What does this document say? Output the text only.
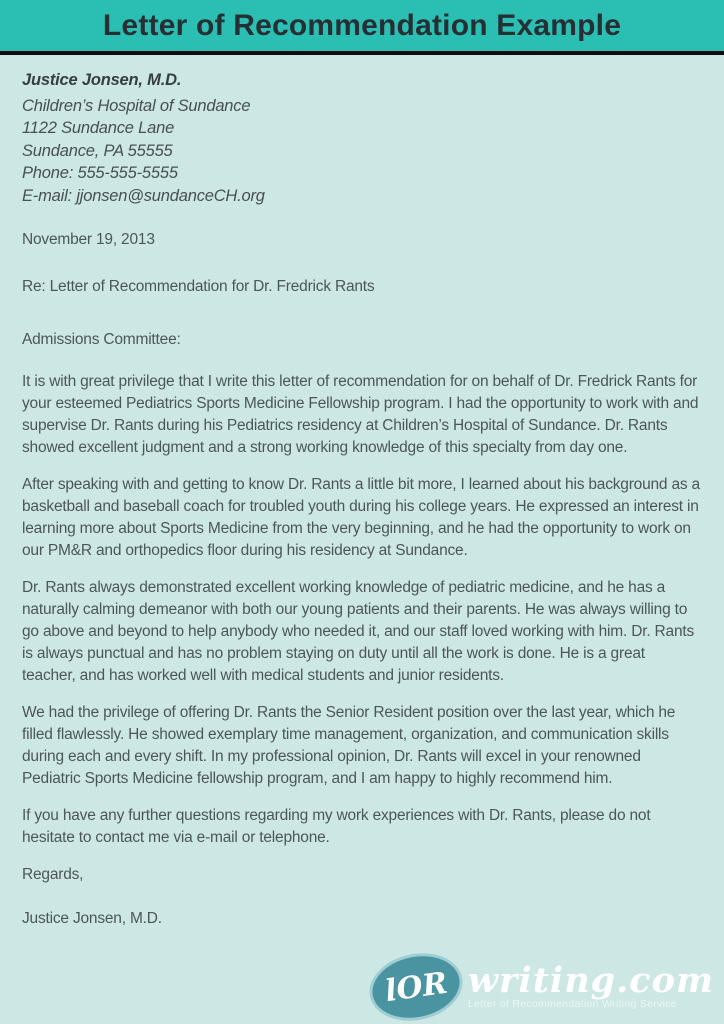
Letter of Recommendation Example
Justice Jonsen, M.D.
Children’s Hospital of Sundance
1122 Sundance Lane
Sundance, PA 55555
Phone: 555-555-5555
E-mail: jjonsen@sundanceCH.org
November 19, 2013
Re: Letter of Recommendation for Dr. Fredrick Rants
Admissions Committee:

It is with great privilege that I write this letter of recommendation for on behalf of Dr. Fredrick Rants for your esteemed Pediatrics Sports Medicine Fellowship program. I had the opportunity to work with and supervise Dr. Rants during his Pediatrics residency at Children’s Hospital of Sundance. Dr. Rants showed excellent judgment and a strong working knowledge of this specialty from day one.

After speaking with and getting to know Dr. Rants a little bit more, I learned about his background as a basketball and baseball coach for troubled youth during his college years. He expressed an interest in learning more about Sports Medicine from the very beginning, and he had the opportunity to work on our PM&R and orthopedics floor during his residency at Sundance.

Dr. Rants always demonstrated excellent working knowledge of pediatric medicine, and he has a naturally calming demeanor with both our young patients and their parents. He was always willing to go above and beyond to help anybody who needed it, and our staff loved working with him. Dr. Rants is always punctual and has no problem staying on duty until all the work is done. He is a great teacher, and has worked well with medical students and junior residents.

We had the privilege of offering Dr. Rants the Senior Resident position over the last year, which he filled flawlessly. He showed exemplary time management, organization, and communication skills during each and every shift. In my professional opinion, Dr. Rants will excel in your renowned Pediatric Sports Medicine fellowship program, and I am happy to highly recommend him.

If you have any further questions regarding my work experiences with Dr. Rants, please do not hesitate to contact me via e-mail or telephone.

Regards,
Justice Jonsen, M.D.
lOR writing.com
Letter of Recommendation Writing Service
